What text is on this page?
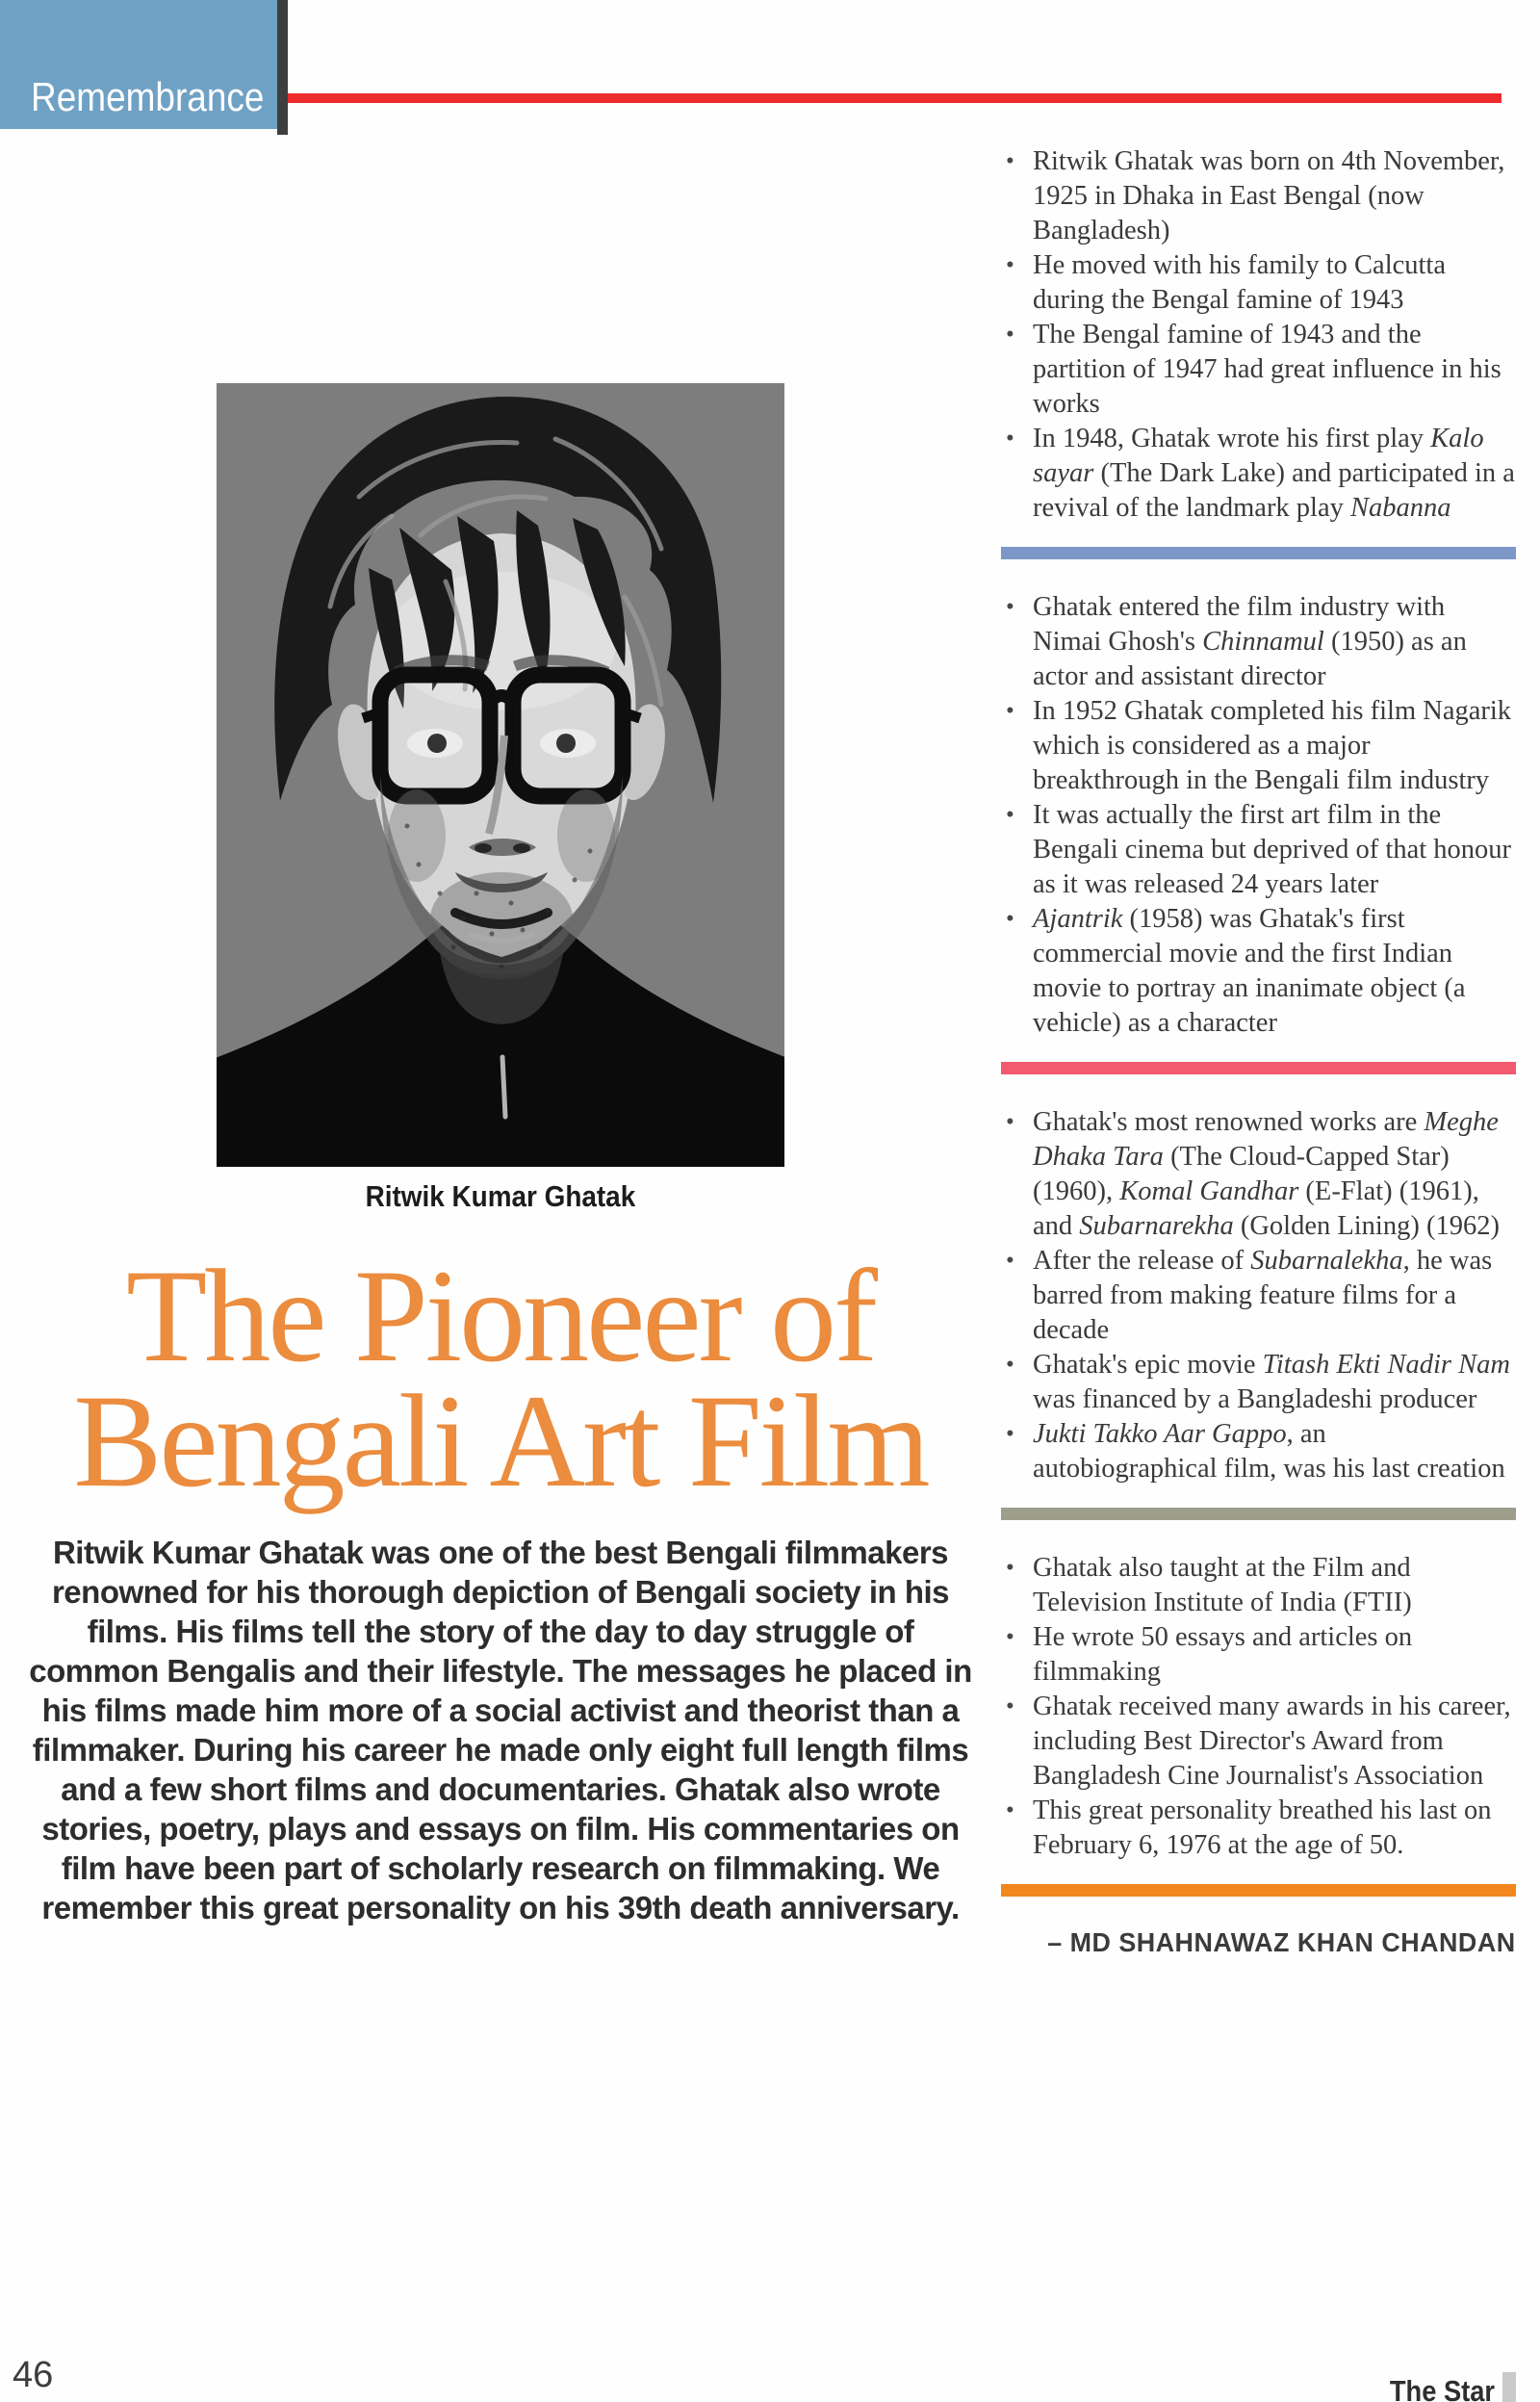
Remembrance
Ritwik Kumar Ghatak
The Pioneer of
Bengali Art Film

Ritwik Kumar Ghatak was one of the best Bengali filmmakers renowned for his thorough depiction of Bengali society in his films. His films tell the story of the day to day struggle of common Bengalis and their lifestyle. The messages he placed in his films made him more of a social activist and theorist than a filmmaker. During his career he made only eight full length films and a few short films and documentaries. Ghatak also wrote stories, poetry, plays and essays on film. His commentaries on film have been part of scholarly research on filmmaking. We remember this great personality on his 39th death anniversary.

• Ritwik Ghatak was born on 4th November, 1925 in Dhaka in East Bengal (now Bangladesh)
• He moved with his family to Calcutta during the Bengal famine of 1943
• The Bengal famine of 1943 and the partition of 1947 had great influence in his works
• In 1948, Ghatak wrote his first play Kalo sayar (The Dark Lake) and participated in a revival of the landmark play Nabanna
• Ghatak entered the film industry with Nimai Ghosh's Chinnamul (1950) as an actor and assistant director
• In 1952 Ghatak completed his film Nagarik which is considered as a major breakthrough in the Bengali film industry
• It was actually the first art film in the Bengali cinema but deprived of that honour as it was released 24 years later
• Ajantrik (1958) was Ghatak's first commercial movie and the first Indian movie to portray an inanimate object (a vehicle) as a character
• Ghatak's most renowned works are Meghe Dhaka Tara (The Cloud-Capped Star) (1960), Komal Gandhar (E-Flat) (1961), and Subarnarekha (Golden Lining) (1962)
• After the release of Subarnalekha, he was barred from making feature films for a decade
• Ghatak's epic movie Titash Ekti Nadir Nam was financed by a Bangladeshi producer
• Jukti Takko Aar Gappo, an autobiographical film, was his last creation
• Ghatak also taught at the Film and Television Institute of India (FTII)
• He wrote 50 essays and articles on filmmaking
• Ghatak received many awards in his career, including Best Director's Award from Bangladesh Cine Journalist's Association
• This great personality breathed his last on February 6, 1976 at the age of 50.
– MD SHAHNAWAZ KHAN CHANDAN
46	The Star
